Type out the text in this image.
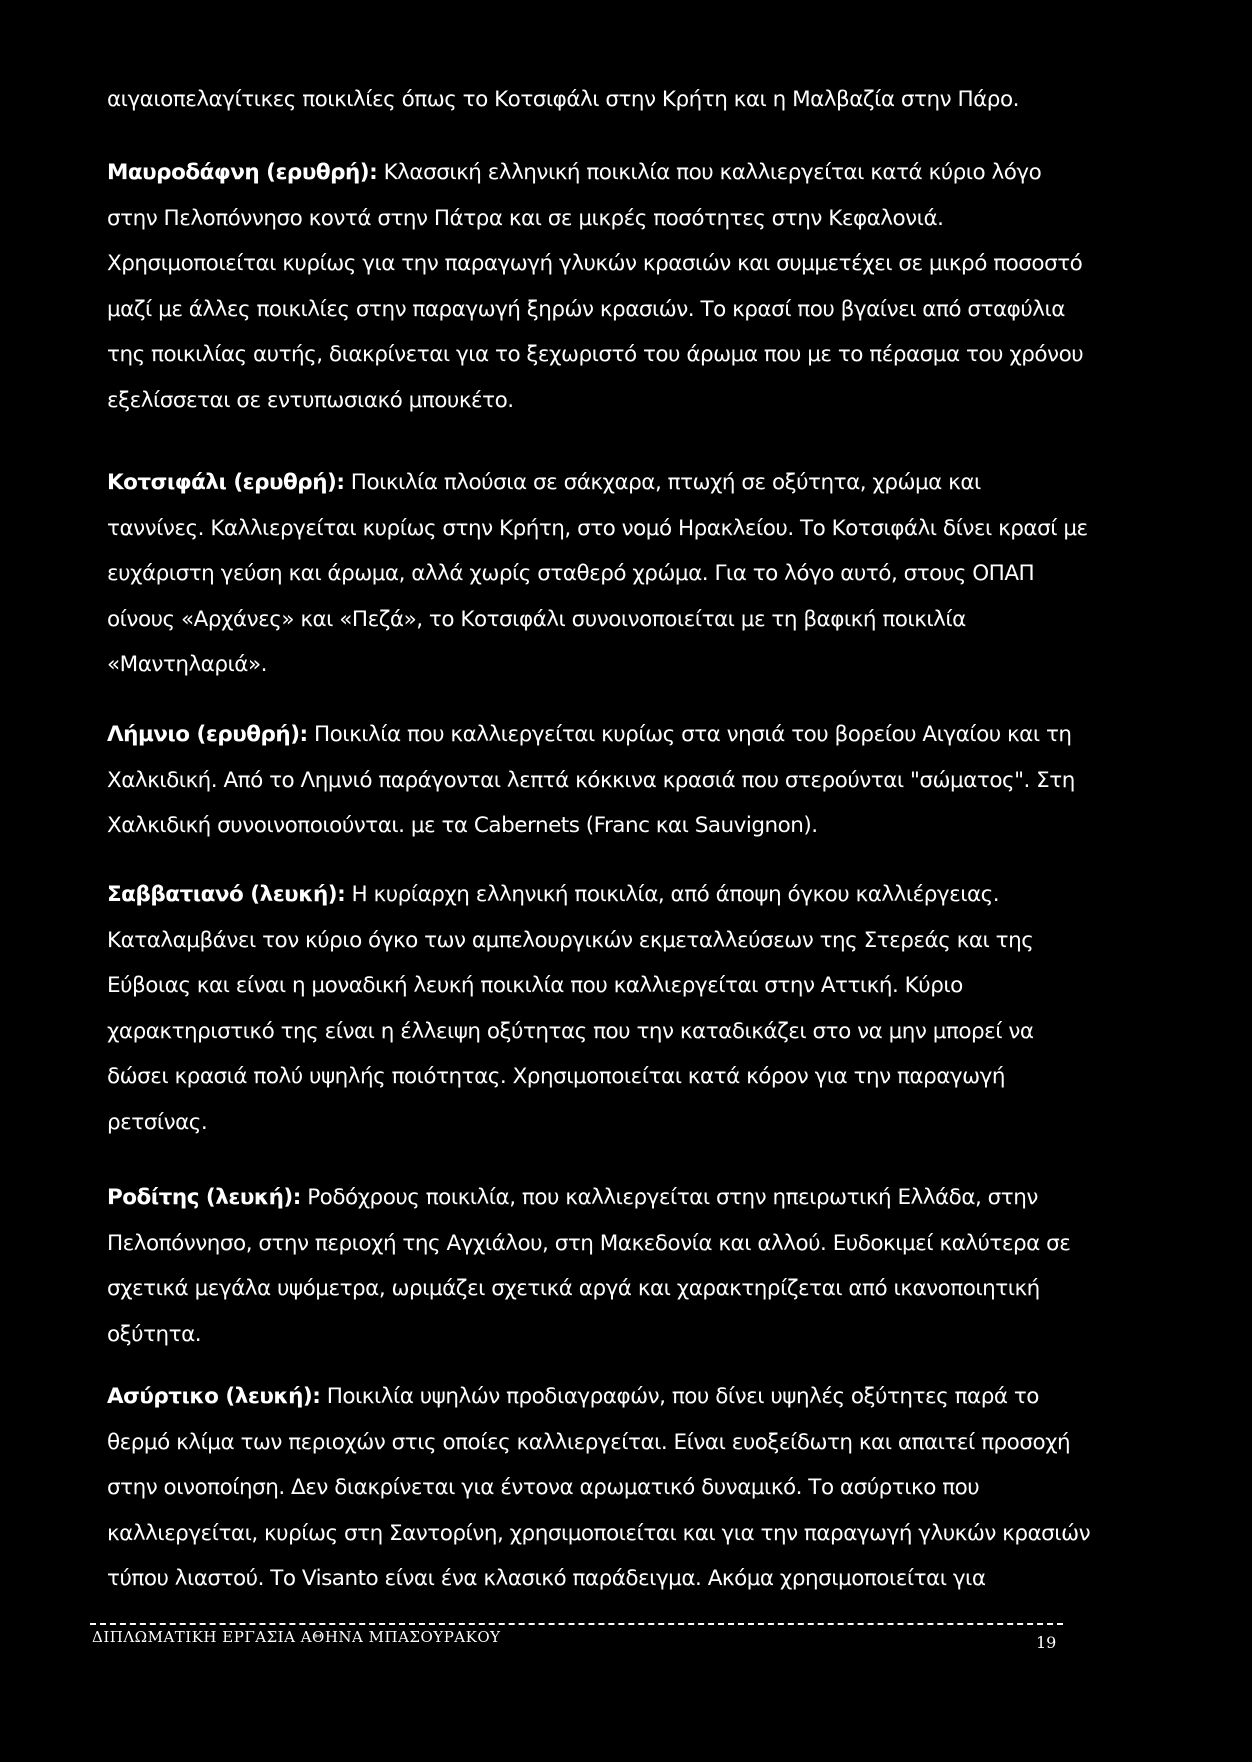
αιγαιοπελαγίτικες ποικιλίες όπως το Κοτσιφάλι στην Κρήτη και η Μαλβαζία στην Πάρο.
Μαυροδάφνη (ερυθρή): Κλασσική ελληνική ποικιλία που καλλιεργείται κατά κύριο λόγο
στην Πελοπόννησο κοντά στην Πάτρα και σε μικρές ποσότητες στην Κεφαλονιά.
Χρησιμοποιείται κυρίως για την παραγωγή γλυκών κρασιών και συμμετέχει σε μικρό ποσοστό
μαζί με άλλες ποικιλίες στην παραγωγή ξηρών κρασιών. Το κρασί που βγαίνει από σταφύλια
της ποικιλίας αυτής, διακρίνεται για το ξεχωριστό του άρωμα που με το πέρασμα του χρόνου
εξελίσσεται σε εντυπωσιακό μπουκέτο.
Κοτσιφάλι (ερυθρή): Ποικιλία πλούσια σε σάκχαρα, πτωχή σε οξύτητα, χρώμα και
ταννίνες. Καλλιεργείται κυρίως στην Κρήτη, στο νομό Ηρακλείου. Το Κοτσιφάλι δίνει κρασί με
ευχάριστη γεύση και άρωμα, αλλά χωρίς σταθερό χρώμα. Για το λόγο αυτό, στους ΟΠΑΠ
οίνους «Αρχάνες» και «Πεζά», το Κοτσιφάλι συνοινοποιείται με τη βαφική ποικιλία
«Μαντηλαριά».
Λήμνιο (ερυθρή): Ποικιλία που καλλιεργείται κυρίως στα νησιά του βορείου Αιγαίου και τη
Χαλκιδική. Από το Λημνιό παράγονται λεπτά κόκκινα κρασιά που στερούνται "σώματος". Στη
Χαλκιδική συνοινοποιούνται. με τα Cabernets (Franc και Sauvignon).
Σαββατιανό (λευκή): Η κυρίαρχη ελληνική ποικιλία, από άποψη όγκου καλλιέργειας.
Καταλαμβάνει τον κύριο όγκο των αμπελουργικών εκμεταλλεύσεων της Στερεάς και της
Εύβοιας και είναι η μοναδική λευκή ποικιλία που καλλιεργείται στην Αττική. Κύριο
χαρακτηριστικό της είναι η έλλειψη οξύτητας που την καταδικάζει στο να μην μπορεί να
δώσει κρασιά πολύ υψηλής ποιότητας. Χρησιμοποιείται κατά κόρον για την παραγωγή
ρετσίνας.
Ροδίτης (λευκή): Ροδόχρους ποικιλία, που καλλιεργείται στην ηπειρωτική Ελλάδα, στην
Πελοπόννησο, στην περιοχή της Αγχιάλου, στη Μακεδονία και αλλού. Ευδοκιμεί καλύτερα σε
σχετικά μεγάλα υψόμετρα, ωριμάζει σχετικά αργά και χαρακτηρίζεται από ικανοποιητική
οξύτητα.
Ασύρτικο (λευκή): Ποικιλία υψηλών προδιαγραφών, που δίνει υψηλές οξύτητες παρά το
θερμό κλίμα των περιοχών στις οποίες καλλιεργείται. Είναι ευοξείδωτη και απαιτεί προσοχή
στην οινοποίηση. Δεν διακρίνεται για έντονα αρωματικό δυναμικό. Το ασύρτικο που
καλλιεργείται, κυρίως στη Σαντορίνη, χρησιμοποιείται και για την παραγωγή γλυκών κρασιών
τύπου λιαστού. Το Visanto είναι ένα κλασικό παράδειγμα. Ακόμα χρησιμοποιείται για
ΔΙΠΛΩΜΑΤΙΚΗ ΕΡΓΑΣΙΑ ΑΘΗΝΑ ΜΠΑΣΟΥΡΑΚΟΥ	19
